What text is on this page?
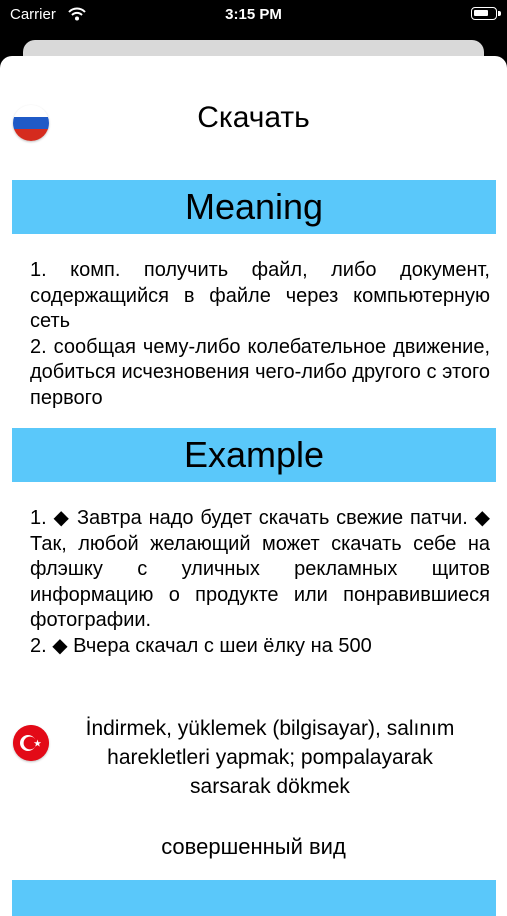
Carrier	3:15 PM
Скачать
Meaning

1. комп. получить файл, либо документ, содержащийся в файле через компьютерную сеть
2. сообщая чему-либо колебательное движение, добиться исчезновения чего-либо другого с этого первого

Example

1. ◆ Завтра надо будет скачать свежие патчи. ◆ Так, любой желающий может скачать себе на флэшку с уличных рекламных щитов информацию о продукте или понравившиеся фотографии.
2. ◆ Вчера скачал с шеи ёлку на 500

İndirmek, yüklemek (bilgisayar), salınım harekletleri yapmak; pompalayarak sarsarak dökmek
совершенный вид
